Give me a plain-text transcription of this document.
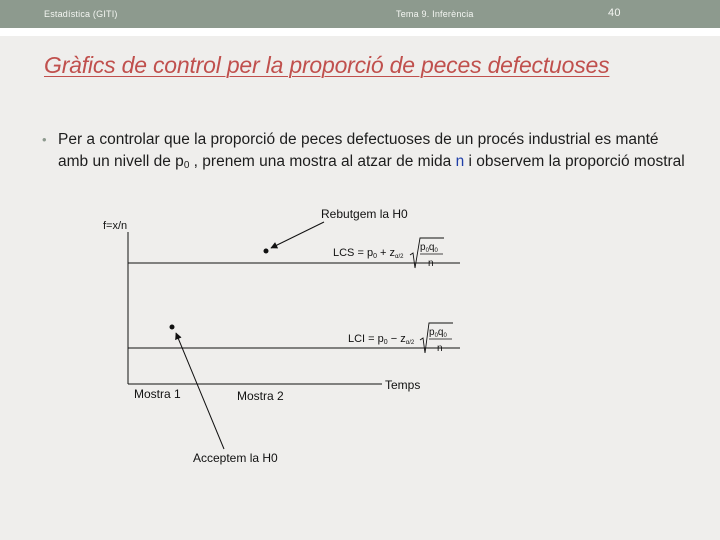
Estadística (GITI)	Tema 9. Inferència	40
Gràfics de control per la proporció de peces defectuoses
• Per a controlar que la proporció de peces defectuoses de un procés industrial es manté amb un nivell de $p_0$ , prenem una mostra al atzar de mida n i observem la proporció mostral
f=x/n
Temps
LCS = p0 + zα/2
$p_0q_0$
n
LCI = p0 − zα/2
$p_0q_0$
n
Rebutgem la H0
Acceptem la H0
Mostra 1	Mostra 2
